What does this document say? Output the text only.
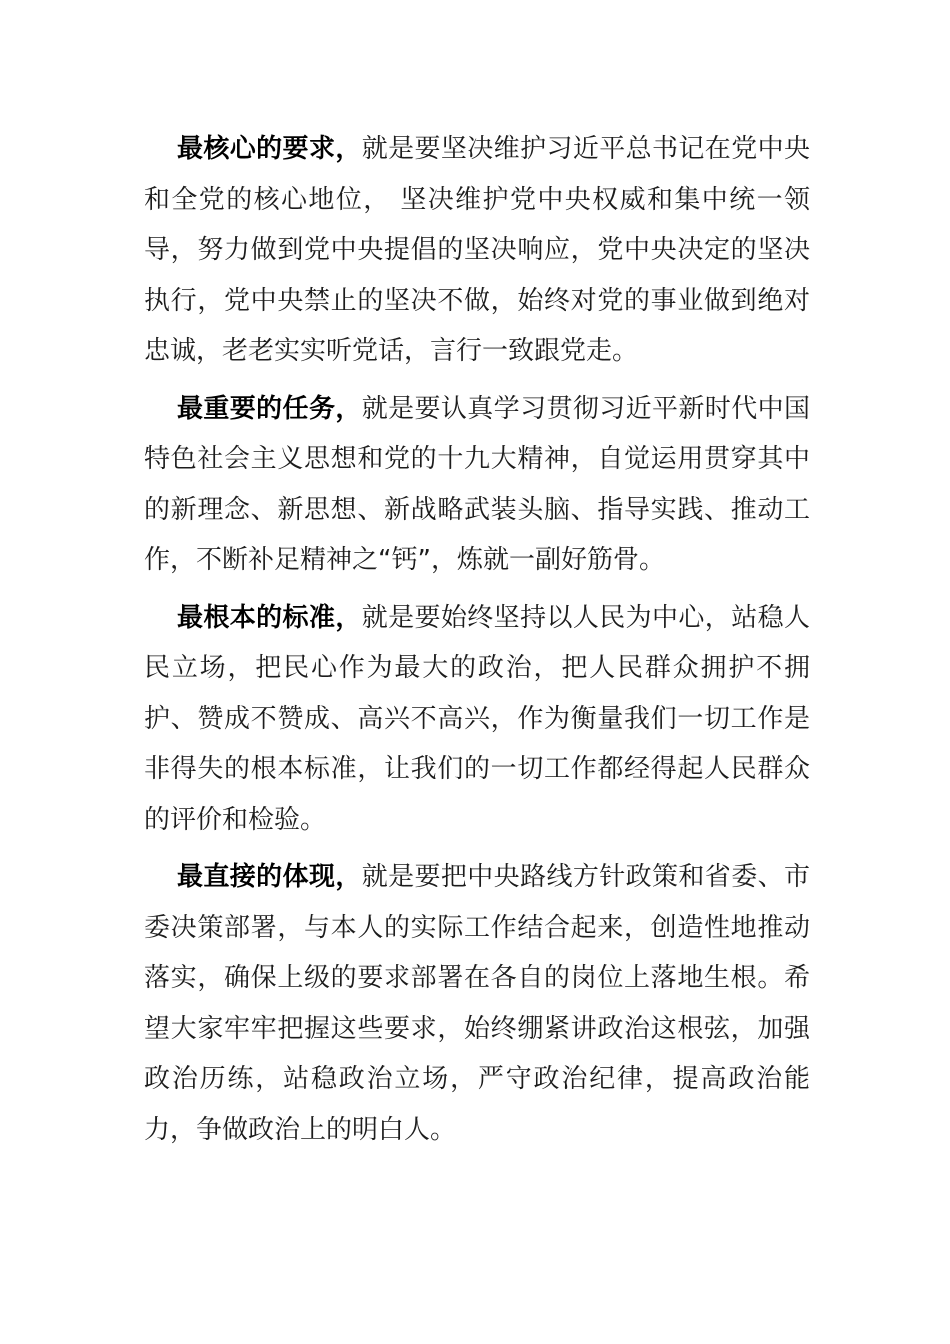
最核心的要求，就是要坚决维护习近平总书记在党中央和全党的核心地位， 坚决维护党中央权威和集中统一领导，努力做到党中央提倡的坚决响应，党中央决定的坚决执行，党中央禁止的坚决不做，始终对党的事业做到绝对忠诚，老老实实听党话，言行一致跟党走。

最重要的任务，就是要认真学习贯彻习近平新时代中国特色社会主义思想和党的十九大精神，自觉运用贯穿其中的新理念、新思想、新战略武装头脑、指导实践、推动工作，不断补足精神之“钙”，炼就一副好筋骨。

最根本的标准，就是要始终坚持以人民为中心，站稳人民立场，把民心作为最大的政治，把人民群众拥护不拥护、赞成不赞成、高兴不高兴，作为衡量我们一切工作是非得失的根本标准，让我们的一切工作都经得起人民群众的评价和检验。

最直接的体现，就是要把中央路线方针政策和省委、市委决策部署，与本人的实际工作结合起来，创造性地推动落实，确保上级的要求部署在各自的岗位上落地生根。希望大家牢牢把握这些要求，始终绷紧讲政治这根弦，加强政治历练，站稳政治立场，严守政治纪律，提高政治能力，争做政治上的明白人。
